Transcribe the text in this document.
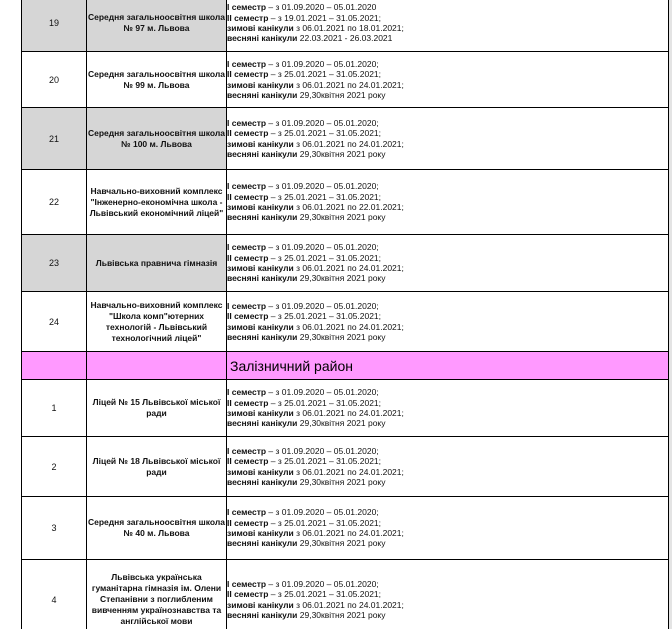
19	Середня загальноосвітня школа № 97 м. Львова	І семестр – з 01.09.2020 – 05.01.2020
ІІ семестр – з 19.01.2021 – 31.05.2021;
зимові канікули з 06.01.2021 по 18.01.2021;
весняні канікули 22.03.2021 - 26.03.2021

20	Середня загальноосвітня школа № 99 м. Львова	І семестр – з 01.09.2020 – 05.01.2020;
ІІ семестр – з 25.01.2021 – 31.05.2021;
зимові канікули з 06.01.2021 по 24.01.2021;
весняні канікули 29,30квітня 2021 року

21	Середня загальноосвітня школа № 100 м. Львова	І семестр – з 01.09.2020 – 05.01.2020;
ІІ семестр – з 25.01.2021 – 31.05.2021;
зимові канікули з 06.01.2021 по 24.01.2021;
весняні канікули 29,30квітня 2021 року

22	Навчально-виховний комплекс "Інженерно-економічна школа - Львівський економічний ліцей"	І семестр – з 01.09.2020 – 05.01.2020;
ІІ семестр – з 25.01.2021 – 31.05.2021;
зимові канікули з 06.01.2021 по 22.01.2021;
весняні канікули 29,30квітня 2021 року

23	Львівська правнича гімназія	І семестр – з 01.09.2020 – 05.01.2020;
ІІ семестр – з 25.01.2021 – 31.05.2021;
зимові канікули з 06.01.2021 по 24.01.2021;
весняні канікули 29,30квітня 2021 року

24	Навчально-виховний комплекс "Школа комп"ютерних технологій - Львівський технологічний ліцей"	І семестр – з 01.09.2020 – 05.01.2020;
ІІ семестр – з 25.01.2021 – 31.05.2021;
зимові канікули з 06.01.2021 по 24.01.2021;
весняні канікули 29,30квітня 2021 року

		Залізничний район
1	Ліцей № 15 Львівської міської ради	І семестр – з 01.09.2020 – 05.01.2020;
ІІ семестр – з 25.01.2021 – 31.05.2021;
зимові канікули з 06.01.2021 по 24.01.2021;
весняні канікули 29,30квітня 2021 року

2	Ліцей № 18 Львівської міської ради	І семестр – з 01.09.2020 – 05.01.2020;
ІІ семестр – з 25.01.2021 – 31.05.2021;
зимові канікули з 06.01.2021 по 24.01.2021;
весняні канікули 29,30квітня 2021 року

3	Середня загальноосвітня школа № 40 м. Львова	І семестр – з 01.09.2020 – 05.01.2020;
ІІ семестр – з 25.01.2021 – 31.05.2021;
зимові канікули з 06.01.2021 по 24.01.2021;
весняні канікули 29,30квітня 2021 року

4	Львівська українська гуманітарна гімназія ім. Олени Степанівни з поглибленим вивченням українознавства та англійської мови	І семестр – з 01.09.2020 – 05.01.2020;
ІІ семестр – з 25.01.2021 – 31.05.2021;
зимові канікули з 06.01.2021 по 24.01.2021;
весняні канікули 29,30квітня 2021 року
